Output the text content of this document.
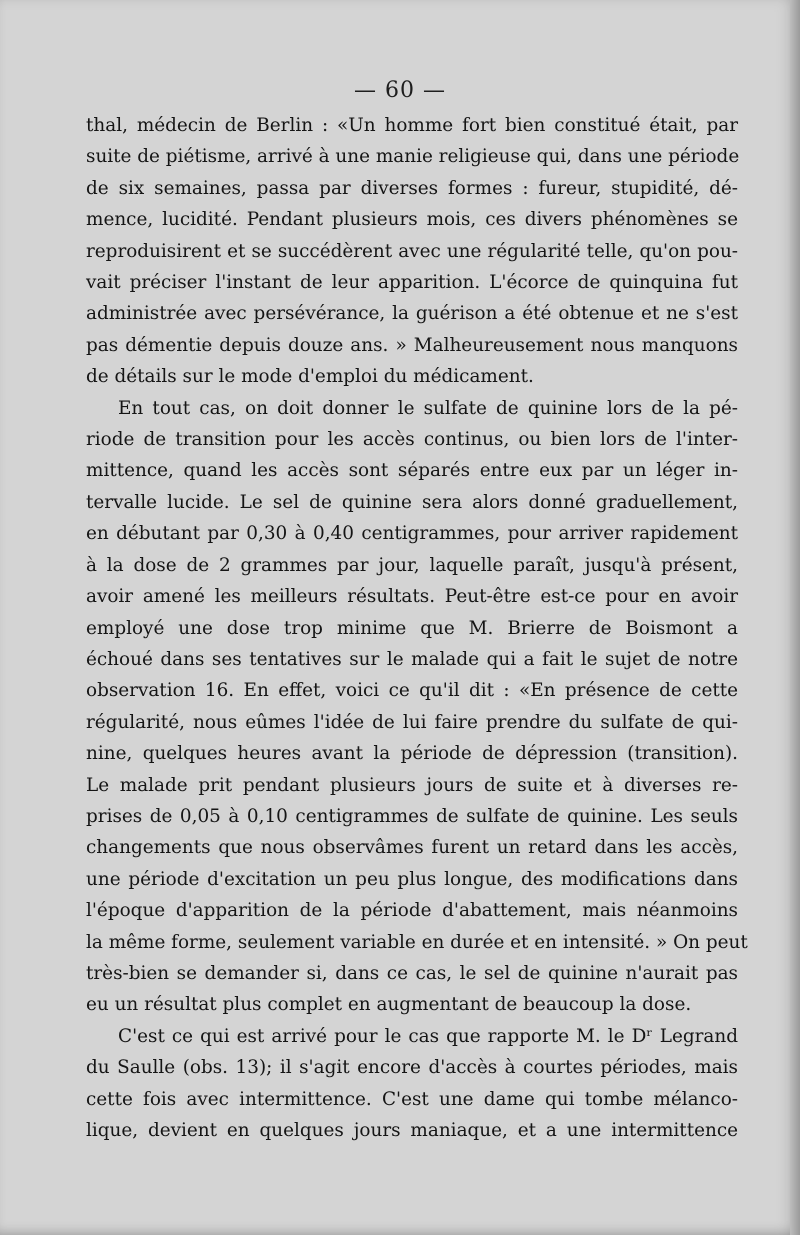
— 60 —
thal, médecin de Berlin : «Un homme fort bien constitué était, par
suite de piétisme, arrivé à une manie religieuse qui, dans une période
de six semaines, passa par diverses formes : fureur, stupidité, dé-
mence, lucidité. Pendant plusieurs mois, ces divers phénomènes se
reproduisirent et se succédèrent avec une régularité telle, qu'on pou-
vait préciser l'instant de leur apparition. L'écorce de quinquina fut
administrée avec persévérance, la guérison a été obtenue et ne s'est
pas démentie depuis douze ans. » Malheureusement nous manquons
de détails sur le mode d'emploi du médicament.
En tout cas, on doit donner le sulfate de quinine lors de la pé-
riode de transition pour les accès continus, ou bien lors de l'inter-
mittence, quand les accès sont séparés entre eux par un léger in-
tervalle lucide. Le sel de quinine sera alors donné graduellement,
en débutant par 0,30 à 0,40 centigrammes, pour arriver rapidement
à la dose de 2 grammes par jour, laquelle paraît, jusqu'à présent,
avoir amené les meilleurs résultats. Peut-être est-ce pour en avoir
employé une dose trop minime que M. Brierre de Boismont a
échoué dans ses tentatives sur le malade qui a fait le sujet de notre
observation 16. En effet, voici ce qu'il dit : «En présence de cette
régularité, nous eûmes l'idée de lui faire prendre du sulfate de qui-
nine, quelques heures avant la période de dépression (transition).
Le malade prit pendant plusieurs jours de suite et à diverses re-
prises de 0,05 à 0,10 centigrammes de sulfate de quinine. Les seuls
changements que nous observâmes furent un retard dans les accès,
une période d'excitation un peu plus longue, des modifications dans
l'époque d'apparition de la période d'abattement, mais néanmoins
la même forme, seulement variable en durée et en intensité. » On peut
très-bien se demander si, dans ce cas, le sel de quinine n'aurait pas
eu un résultat plus complet en augmentant de beaucoup la dose.
C'est ce qui est arrivé pour le cas que rapporte M. le Dʳ Legrand
du Saulle (obs. 13); il s'agit encore d'accès à courtes périodes, mais
cette fois avec intermittence. C'est une dame qui tombe mélanco-
lique, devient en quelques jours maniaque, et a une intermittence
